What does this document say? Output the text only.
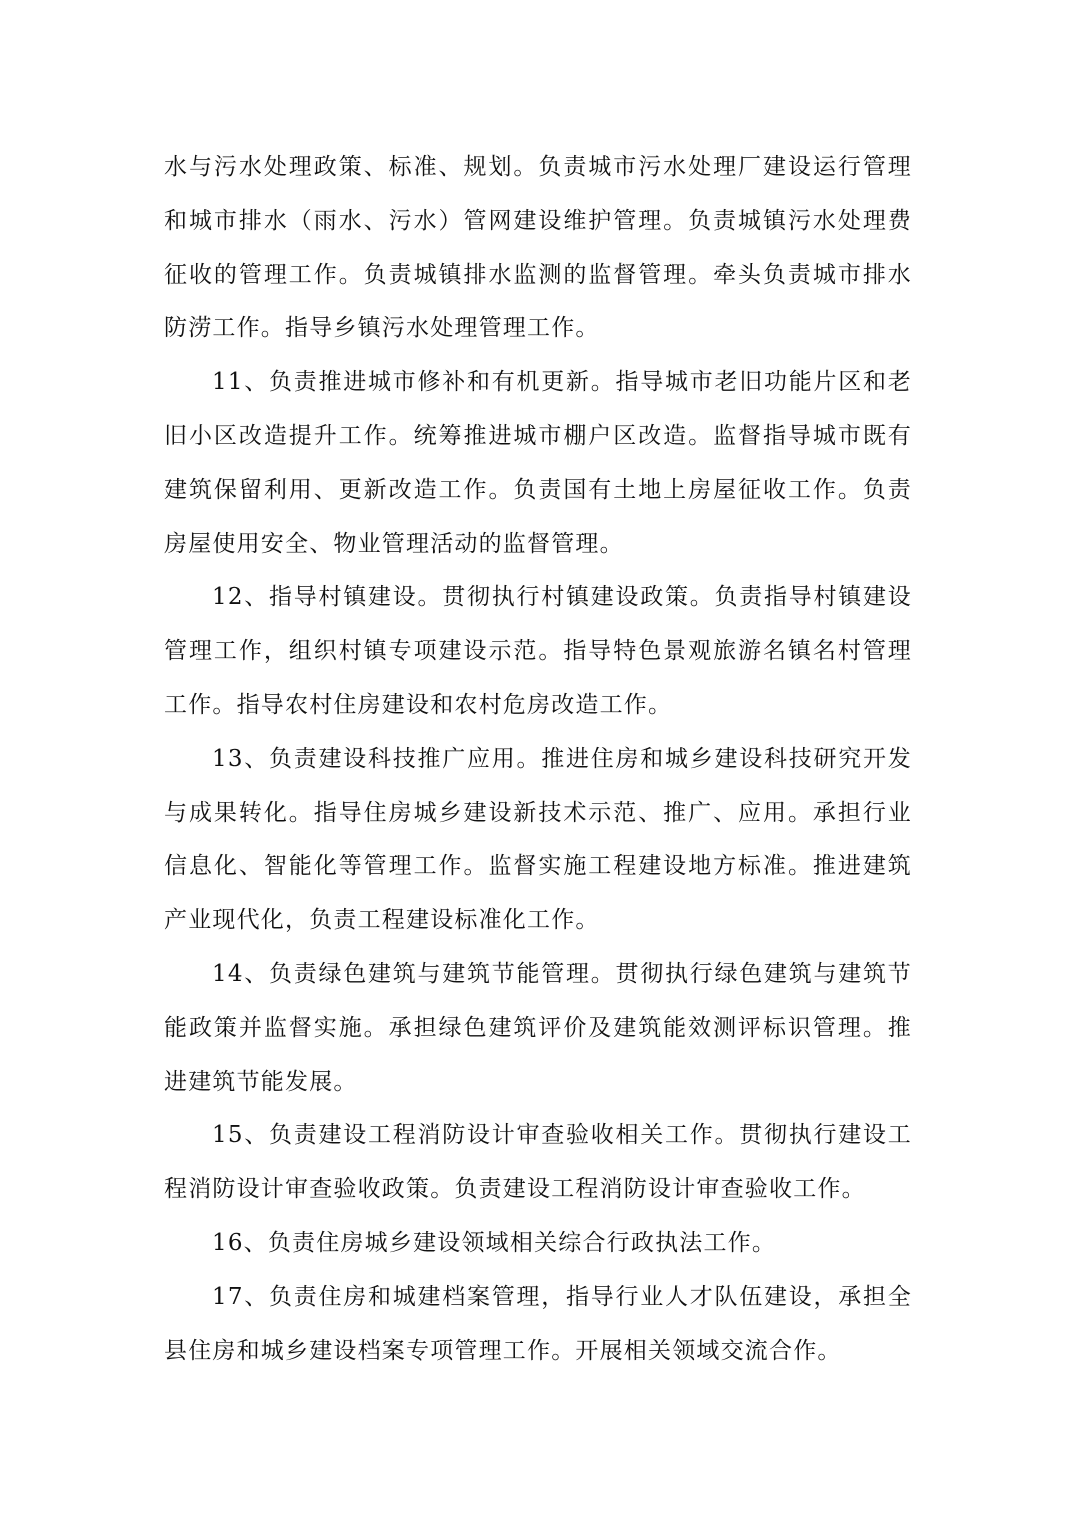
水与污水处理政策、标准、规划。负责城市污水处理厂建设运行管理和城市排水（雨水、污水）管网建设维护管理。负责城镇污水处理费征收的管理工作。负责城镇排水监测的监督管理。牵头负责城市排水防涝工作。指导乡镇污水处理管理工作。

11、负责推进城市修补和有机更新。指导城市老旧功能片区和老旧小区改造提升工作。统筹推进城市棚户区改造。监督指导城市既有建筑保留利用、更新改造工作。负责国有土地上房屋征收工作。负责房屋使用安全、物业管理活动的监督管理。

12、指导村镇建设。贯彻执行村镇建设政策。负责指导村镇建设管理工作，组织村镇专项建设示范。指导特色景观旅游名镇名村管理工作。指导农村住房建设和农村危房改造工作。

13、负责建设科技推广应用。推进住房和城乡建设科技研究开发与成果转化。指导住房城乡建设新技术示范、推广、应用。承担行业信息化、智能化等管理工作。监督实施工程建设地方标准。推进建筑产业现代化，负责工程建设标准化工作。

14、负责绿色建筑与建筑节能管理。贯彻执行绿色建筑与建筑节能政策并监督实施。承担绿色建筑评价及建筑能效测评标识管理。推进建筑节能发展。

15、负责建设工程消防设计审查验收相关工作。贯彻执行建设工程消防设计审查验收政策。负责建设工程消防设计审查验收工作。

16、负责住房城乡建设领域相关综合行政执法工作。

17、负责住房和城建档案管理，指导行业人才队伍建设，承担全县住房和城乡建设档案专项管理工作。开展相关领域交流合作。
